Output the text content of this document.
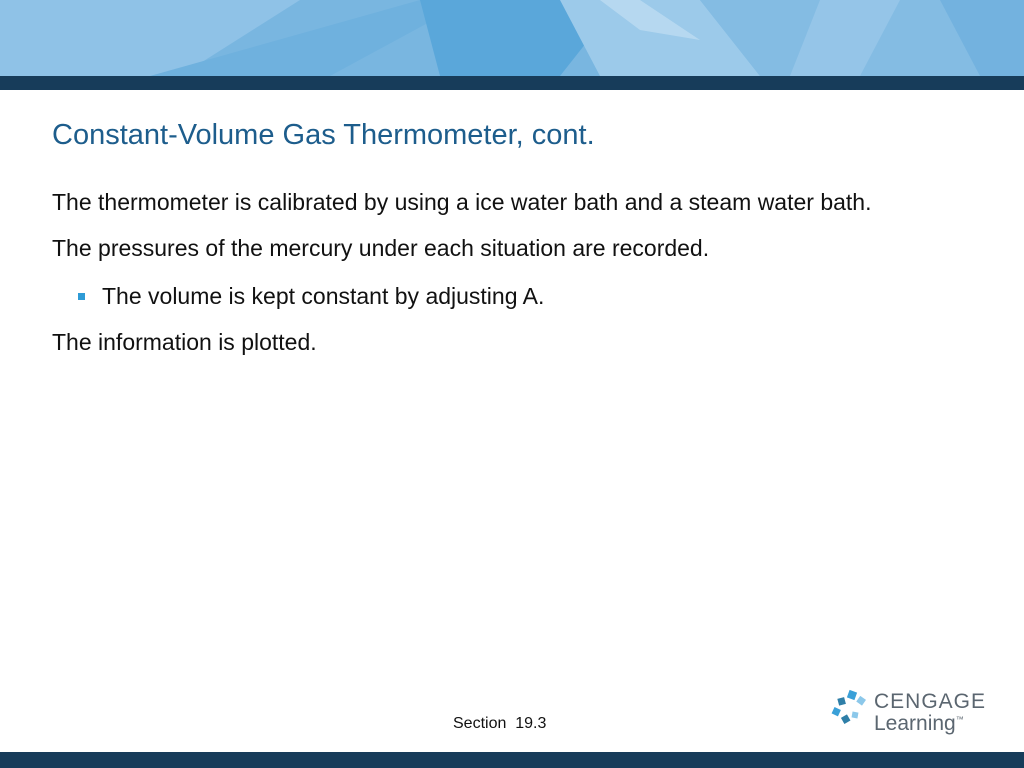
Constant-Volume Gas Thermometer, cont.

The thermometer is calibrated by using a ice water bath and a steam water bath.

The pressures of the mercury under each situation are recorded.

The volume is kept constant by adjusting A.

The information is plotted.

Section  19.3
CENGAGE
Learning™
